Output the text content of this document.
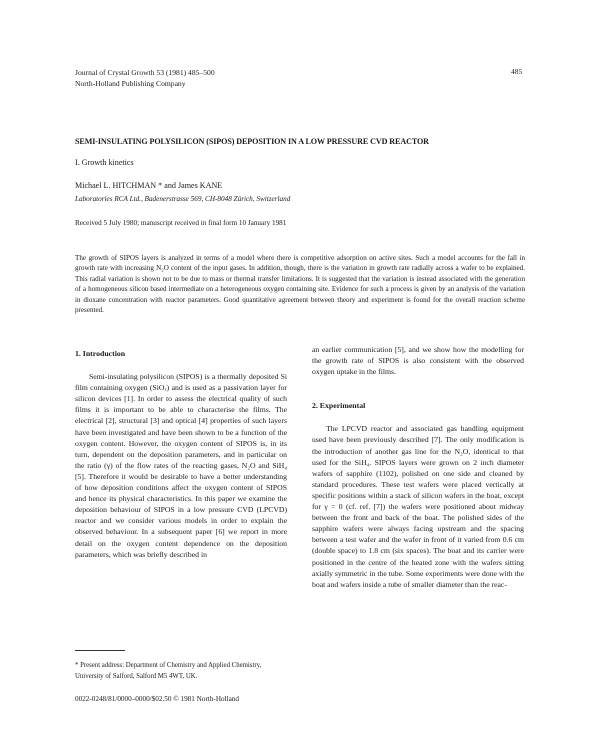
Journal of Crystal Growth 53 (1981) 485–500
North-Holland Publishing Company
485
SEMI-INSULATING POLYSILICON (SIPOS) DEPOSITION IN A LOW PRESSURE CVD REACTOR
I. Growth kinetics
Michael L. HITCHMAN * and James KANE
Laboratories RCA Ltd., Badenerstrasse 569, CH-8048 Zürich, Switzerland
Received 5 July 1980; manuscript received in final form 10 January 1981
The growth of SIPOS layers is analyzed in terms of a model where there is competitive adsorption on active sites. Such a model accounts for the fall in growth rate with increasing N₂O content of the input gases. In addition, though, there is the variation in growth rate radially across a wafer to be explained. This radial variation is shown not to be due to mass or thermal transfer limitations. It is suggested that the variation is instead associated with the generation of a homogeneous silicon based intermediate on a heterogeneous oxygen containing site. Evidence for such a process is given by an analysis of the variation in dioxane concentration with reactor parameters. Good quantitative agreement between theory and experiment is found for the overall reaction scheme presented.
1. Introduction

Semi-insulating polysilicon (SIPOS) is a thermally deposited Si film containing oxygen (SiOₓ) and is used as a passivation layer for silicon devices [1]. In order to assess the electrical quality of such films it is important to be able to characterise the films. The electrical [2], structural [3] and optical [4] properties of such layers have been investigated and have been shown to be a function of the oxygen content. However, the oxygen content of SIPOS is, in its turn, dependent on the deposition parameters, and in particular on the ratio (γ) of the flow rates of the reacting gases, N₂O and SiH₄ [5]. Therefore it would be desirable to have a better understanding of how deposition conditions affect the oxygen content of SIPOS and hence its physical characteristics. In this paper we examine the deposition behaviour of SIPOS in a low pressure CVD (LPCVD) reactor and we consider various models in order to explain the observed behaviour. In a subsequent paper [6] we report in more detail on the oxygen content dependence on the deposition parameters, which was briefly described in

an earlier communication [5], and we show how the modelling for the growth rate of SIPOS is also consistent with the observed oxygen uptake in the films.

2. Experimental

The LPCVD reactor and associated gas handling equipment used have been previously described [7]. The only modification is the introduction of another gas line for the N₂O, identical to that used for the SiH₄. SIPOS layers were grown on 2 inch diameter wafers of sapphire (1102), polished on one side and cleaned by standard procedures. These test wafers were placed vertically at specific positions within a stack of silicon wafers in the boat, except for γ = 0 (cf. ref. [7]) the wafers were positioned about midway between the front and back of the boat. The polished sides of the sapphire wafers were always facing upstream and the spacing between a test wafer and the wafer in front of it varied from 0.6 cm (double space) to 1.8 cm (six spaces). The boat and its carrier were positioned in the centre of the heated zone with the wafers sitting axially symmetric in the tube. Some experiments were done with the boat and wafers inside a tube of smaller diameter than the reac-

* Present address: Department of Chemistry and Applied Chemistry, University of Salford, Salford M5 4WT, UK.
0022-0248/81/0000–0000/$02.50 © 1981 North-Holland
